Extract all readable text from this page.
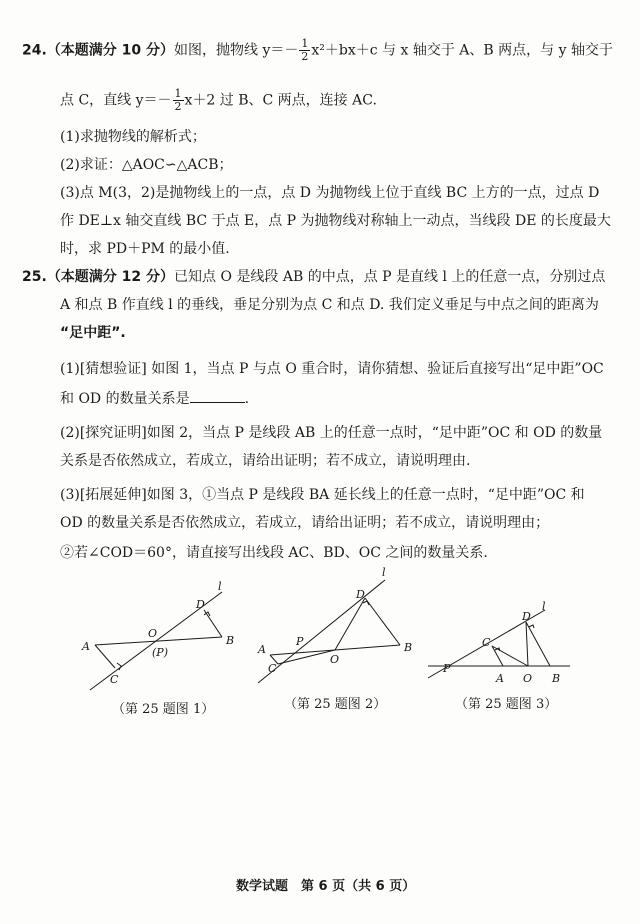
24.（本题满分 10 分）如图，抛物线 $y=- \frac{1}{2} x^2+bx+c$ 与 x 轴交于 A、B 两点，与 y 轴交于
点 C，直线 $y=- \frac{1}{2} x+2$ 过 B、C 两点，连接 AC.
(1)求抛物线的解析式；
(2)求证：△AOC∽△ACB；
(3)点 M(3，2)是抛物线上的一点，点 D 为抛物线上位于直线 BC 上方的一点，过点 D
作 DE⊥x 轴交直线 BC 于点 E，点 P 为抛物线对称轴上一动点，当线段 DE 的长度最大
时，求 PD＋PM 的最小值.
25.（本题满分 12 分）已知点 O 是线段 AB 的中点，点 P 是直线 l 上的任意一点，分别过点
A 和点 B 作直线 l 的垂线，垂足分别为点 C 和点 D. 我们定义垂足与中点之间的距离为
“足中距”.
(1)[猜想验证] 如图 1，当点 P 与点 O 重合时，请你猜想、验证后直接写出“足中距”OC
和 OD 的数量关系是	.
(2)[探究证明]如图 2，当点 P 是线段 AB 上的任意一点时，“足中距”OC 和 OD 的数量
关系是否依然成立，若成立，请给出证明；若不成立，请说明理由.
(3)[拓展延伸]如图 3，①当点 P 是线段 BA 延长线上的任意一点时，“足中距”OC 和
OD 的数量关系是否依然成立，若成立，请给出证明；若不成立，请说明理由；
②若∠COD＝60°，请直接写出线段 AC、BD、OC 之间的数量关系.
A	B
C
D
O
(P)
l
A	B
C
D
O
P
l
P
A O B
C
D
l
（第 25 题图 1）	（第 25 题图 2）	（第 25 题图 3）
数学试题　第 6 页（共 6 页）
